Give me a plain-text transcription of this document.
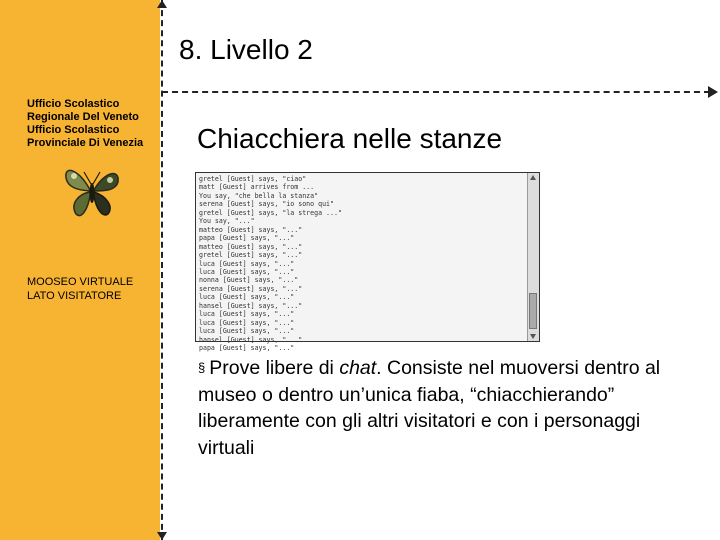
8. Livello 2
Ufficio Scolastico
Regionale Del Veneto
Ufficio Scolastico
Provinciale Di Venezia
MOOSEO VIRTUALE
LATO VISITATORE
Chiacchiera nelle stanze
gretel [Guest] says, "ciao"
matt [Guest] arrives from ...
You say, "che bella la stanza"
serena [Guest] says, "io sono qui"
gretel [Guest] says, "la strega ..."
You say, "..."
matteo [Guest] says, "..."
papa [Guest] says, "..."
matteo [Guest] says, "..."
gretel [Guest] says, "..."
luca [Guest] says, "..."
luca [Guest] says, "..."
nonna [Guest] says, "..."
serena [Guest] says, "..."
luca [Guest] says, "..."
hansel [Guest] says, "..."
luca [Guest] says, "..."
luca [Guest] says, "..."
luca [Guest] says, "..."
hansel [Guest] says, "..."
papa [Guest] says, "..."
§ Prove libere di chat. Consiste nel muoversi dentro al museo o dentro un’unica fiaba, “chiacchierando” liberamente con gli altri visitatori e con i personaggi virtuali
